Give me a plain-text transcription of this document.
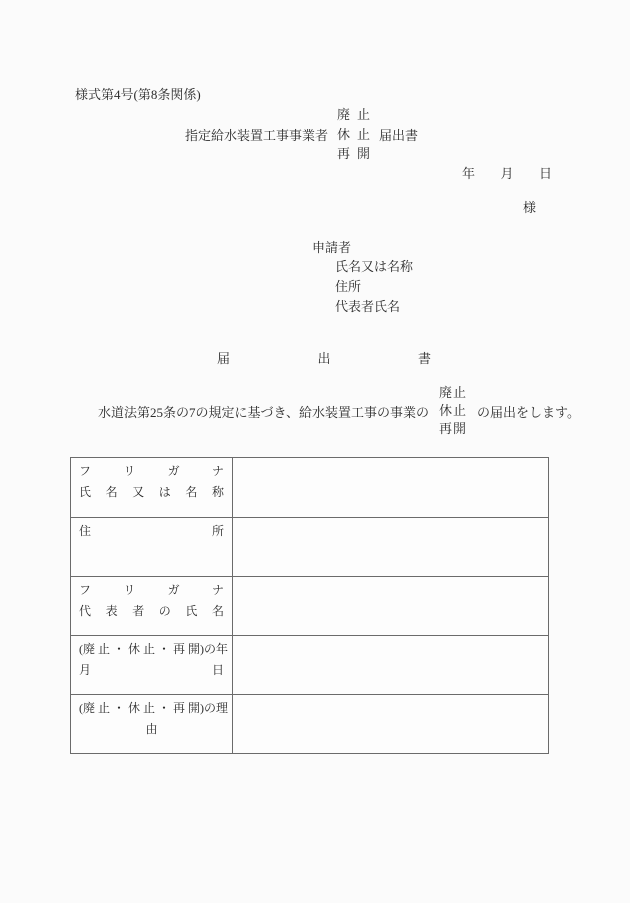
様式第4号(第8条関係)
指定給水装置工事事業者
廃 止
休 止
再 開
届出書
年 月 日
様
申請者
氏名又は名称
住所
代表者氏名
届 出 書
水道法第25条の7の規定に基づき、給水装置工事の事業の
廃止
休止
再開
の届出をします。
フ リ ガ ナ
氏 名 又 は 名 称
住 所
フ リ ガ ナ
代 表 者 の 氏 名
(廃 止 ・ 休 止 ・ 再 開)の年
月 日
(廃 止 ・ 休 止 ・ 再 開)の理
由
